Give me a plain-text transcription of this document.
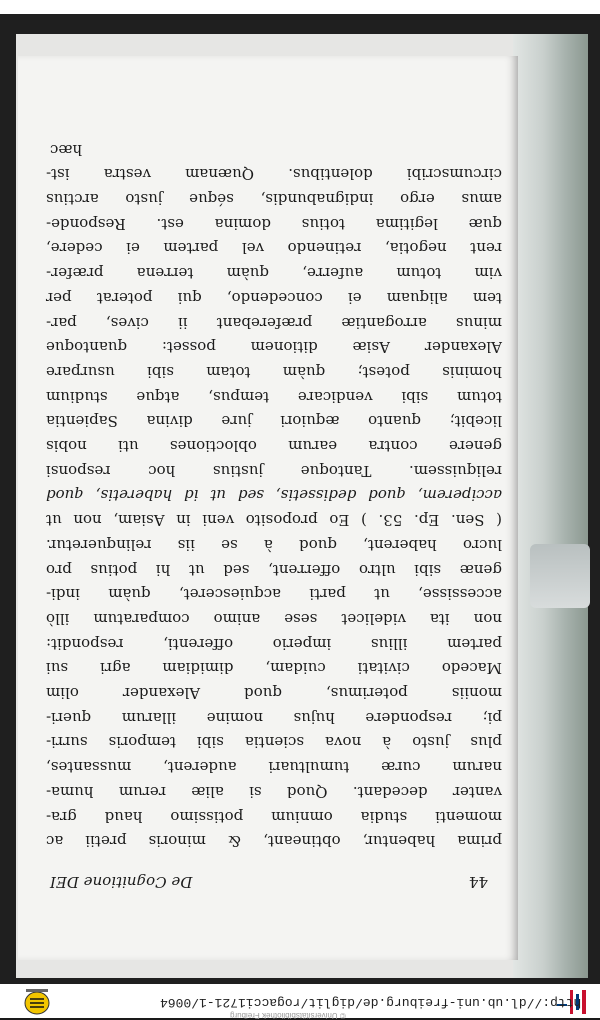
© Universitätsbibliothek Freiburg
http://dl.ub.uni-freiburg.de/diglit/rogacci1721-1/0064
44
De Cognitione DEI
prima habentur, obtineant, & minoris pretii ac
momenti studia omnium potissimo haud gra-
vanter decedant. Quod si aliæ rerum huma-
narum curæ tumultuari auderent, mussantes,
plus justo à nova scientia sibi temporis surri-
pi; respondere hujus nomine illarum queri-
moniis poterimus, quod Alexander olim
Macedo civitati cuidam, dimidiam agri sui
partem illius imperio offerenti, respondit:
non ita videlicet sese animo comparatum illò
accessisse, ut parti acquiesceret, quàm indi-
genæ sibi ultro offerrent, sed ut hi potius pro
lucro haberent, quod à se iis relinqueretur.
( Sen. Ep. 53. ) Eo proposito veni in Asiam, non ut
acciperem, quod dedissetis, sed ut id haberetis, quod
reliquissem. Tantoque justius hoc responsi
genere contra earum obloctiones uti nobis
licebit; quanto æquiori jure divina Sapientia
totum sibi vendicare tempus, atque studium
hominis potest; quàm totam sibi usurpare
Alexander Asiæ ditionem posset: quantoque
minus arrogantiæ præferebant ii cives, par-
tem aliquam ei concedendo, qui poterat per
vim totum auferre, quàm terrena præfer-
rent negotia, retinendo vel partem ei cedere,
quæ legitima totius domina est. Responde-
amus ergo indignabundis, séque justo arctius
circumscribi dolentibus. Quænam vestra ist-
hæc
